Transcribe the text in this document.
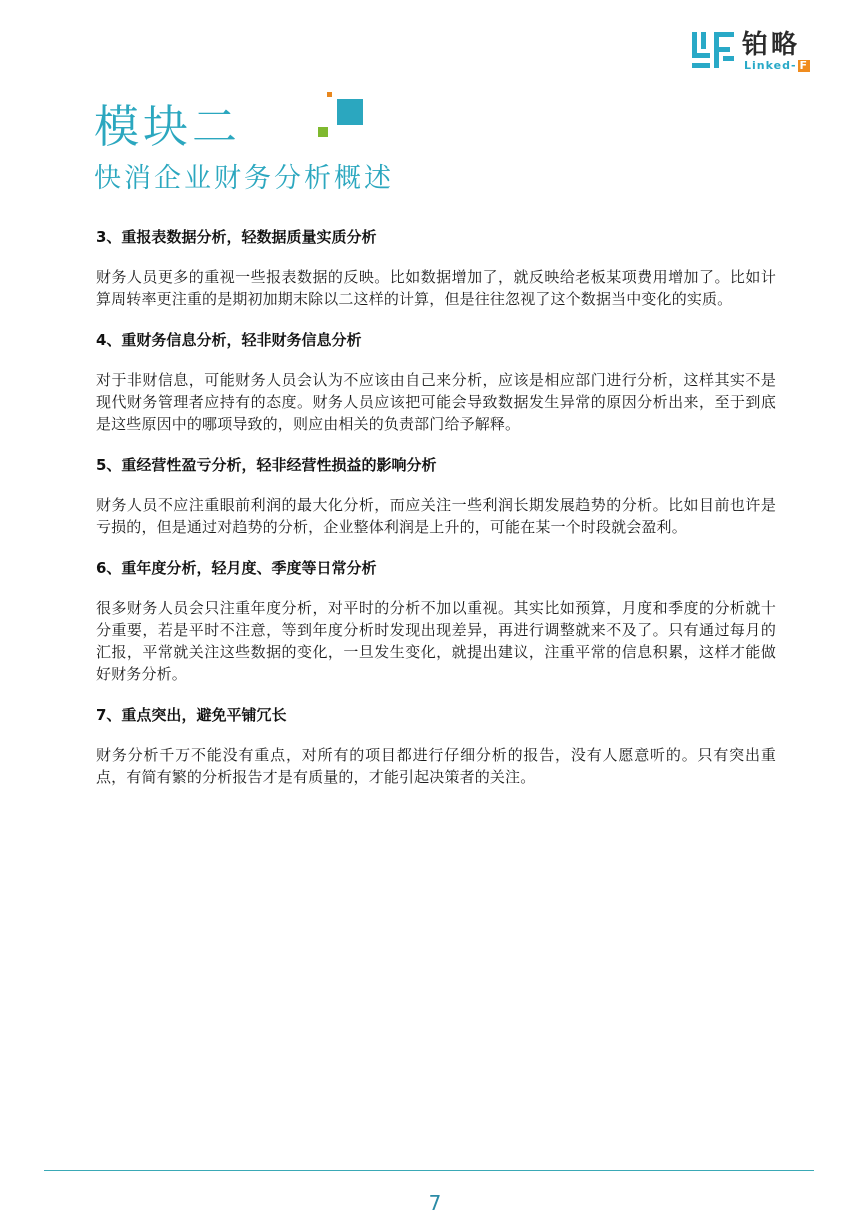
铂略
Linked- F
模块二
快消企业财务分析概述
3、重报表数据分析，轻数据质量实质分析

财务人员更多的重视一些报表数据的反映。比如数据增加了，就反映给老板某项费用增加了。比如计算周转率更注重的是期初加期末除以二这样的计算，但是往往忽视了这个数据当中变化的实质。

4、重财务信息分析，轻非财务信息分析

对于非财信息，可能财务人员会认为不应该由自己来分析，应该是相应部门进行分析，这样其实不是现代财务管理者应持有的态度。财务人员应该把可能会导致数据发生异常的原因分析出来，至于到底是这些原因中的哪项导致的，则应由相关的负责部门给予解释。

5、重经营性盈亏分析，轻非经营性损益的影响分析

财务人员不应注重眼前利润的最大化分析，而应关注一些利润长期发展趋势的分析。比如目前也许是亏损的，但是通过对趋势的分析，企业整体利润是上升的，可能在某一个时段就会盈利。

6、重年度分析，轻月度、季度等日常分析

很多财务人员会只注重年度分析，对平时的分析不加以重视。其实比如预算，月度和季度的分析就十分重要，若是平时不注意，等到年度分析时发现出现差异，再进行调整就来不及了。只有通过每月的汇报，平常就关注这些数据的变化，一旦发生变化，就提出建议，注重平常的信息积累，这样才能做好财务分析。

7、重点突出，避免平铺冗长

财务分析千万不能没有重点，对所有的项目都进行仔细分析的报告，没有人愿意听的。只有突出重点，有简有繁的分析报告才是有质量的，才能引起决策者的关注。

7
